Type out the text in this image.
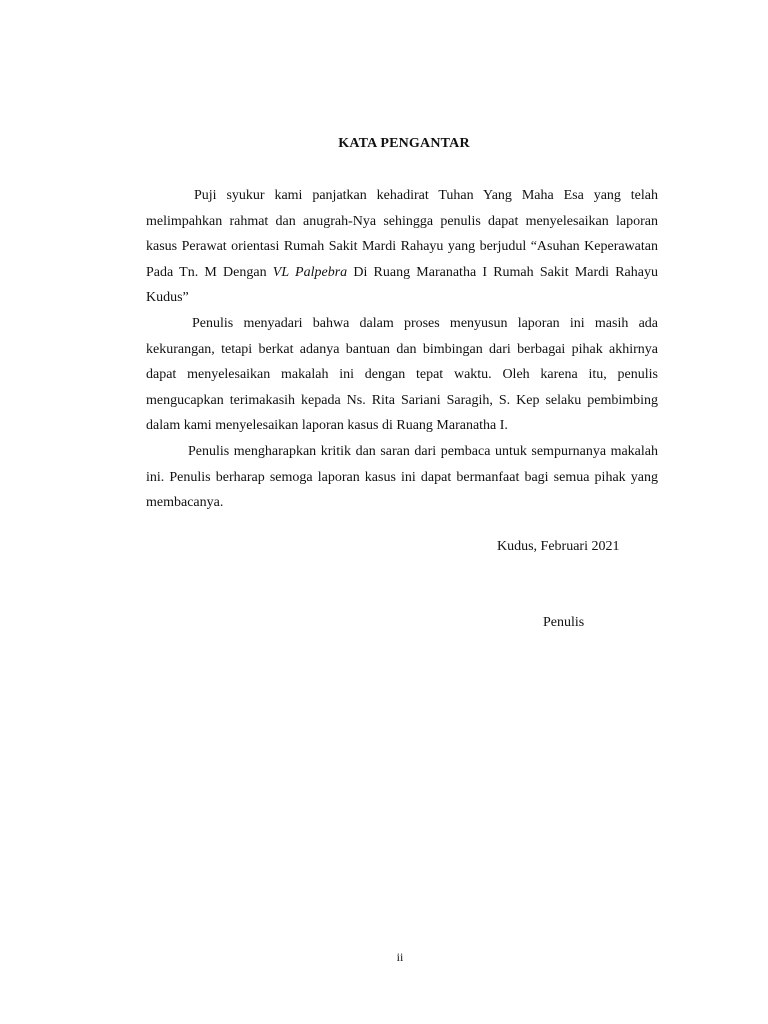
KATA PENGANTAR

Puji syukur kami panjatkan kehadirat Tuhan Yang Maha Esa yang telah melimpahkan rahmat dan anugrah-Nya sehingga penulis dapat menyelesaikan laporan kasus Perawat orientasi Rumah Sakit Mardi Rahayu yang berjudul “Asuhan Keperawatan Pada Tn. M Dengan VL Palpebra Di Ruang Maranatha I Rumah Sakit Mardi Rahayu Kudus”

Penulis menyadari bahwa dalam proses menyusun laporan ini masih ada kekurangan, tetapi berkat adanya bantuan dan bimbingan dari berbagai pihak akhirnya dapat menyelesaikan makalah ini dengan tepat waktu. Oleh karena itu, penulis mengucapkan terimakasih kepada Ns. Rita Sariani Saragih, S. Kep selaku pembimbing dalam kami menyelesaikan laporan kasus di Ruang Maranatha I.

Penulis mengharapkan kritik dan saran dari pembaca untuk sempurnanya makalah ini. Penulis berharap semoga laporan kasus ini dapat bermanfaat bagi semua pihak yang membacanya.

Kudus, Februari 2021
Penulis
ii
